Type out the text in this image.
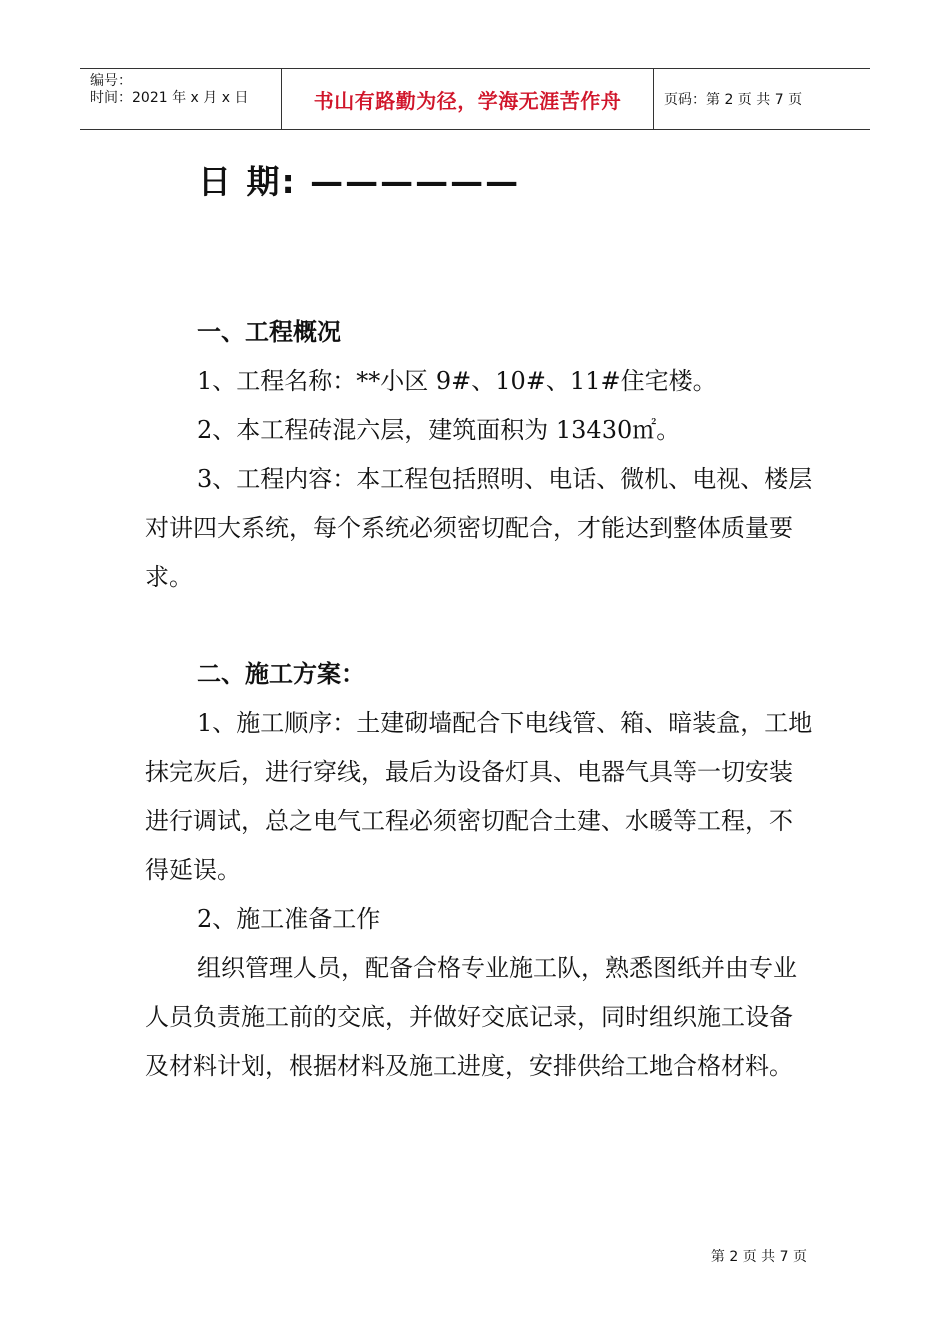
编号：
时间：2021 年 x 月 x 日	书山有路勤为径，学海无涯苦作舟	页码：第 2 页 共 7 页
日 期: ——————

一、工程概况

1、工程名称：**小区 9#、10#、11#住宅楼。

2、本工程砖混六层，建筑面积为 13430㎡。

3、工程内容：本工程包括照明、电话、微机、电视、楼层对讲四大系统，每个系统必须密切配合，才能达到整体质量要求。

二、施工方案：

1、施工顺序：土建砌墙配合下电线管、箱、暗装盒，工地抹完灰后，进行穿线，最后为设备灯具、电器气具等一切安装进行调试，总之电气工程必须密切配合土建、水暖等工程，不得延误。

2、施工准备工作

组织管理人员，配备合格专业施工队，熟悉图纸并由专业人员负责施工前的交底，并做好交底记录，同时组织施工设备及材料计划，根据材料及施工进度，安排供给工地合格材料。

第 2 页 共 7 页
